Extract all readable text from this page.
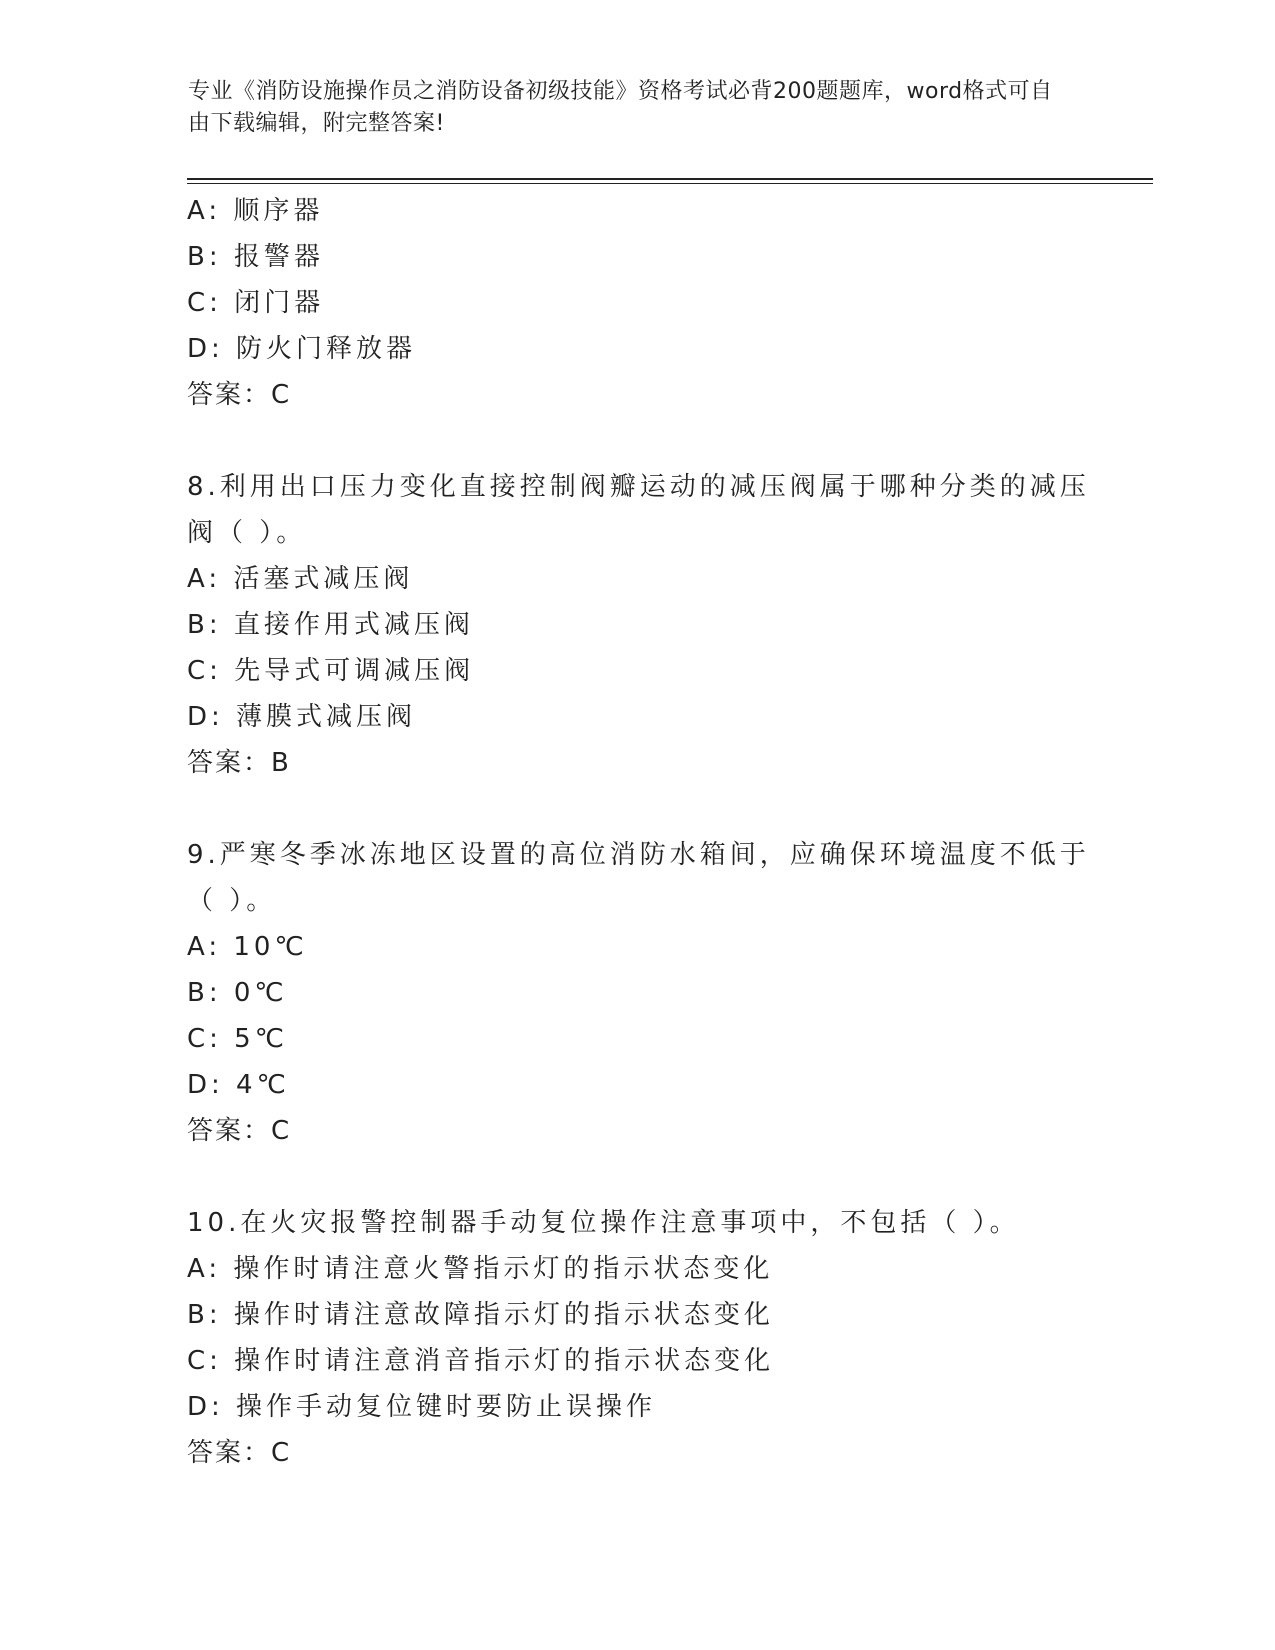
专业《消防设施操作员之消防设备初级技能》资格考试必背200题题库，word格式可自由下载编辑，附完整答案!
A: 顺序器
B: 报警器
C: 闭门器
D: 防火门释放器
答案：C
8.利用出口压力变化直接控制阀瓣运动的减压阀属于哪种分类的减压
阀（ ）。
A: 活塞式减压阀
B: 直接作用式减压阀
C: 先导式可调减压阀
D: 薄膜式减压阀
答案：B
9.严寒冬季冰冻地区设置的高位消防水箱间，应确保环境温度不低于
（ ）。
A: 10℃
B: 0℃
C: 5℃
D: 4℃
答案：C
10.在火灾报警控制器手动复位操作注意事项中，不包括（ ）。
A: 操作时请注意火警指示灯的指示状态变化
B: 操作时请注意故障指示灯的指示状态变化
C: 操作时请注意消音指示灯的指示状态变化
D: 操作手动复位键时要防止误操作
答案：C
